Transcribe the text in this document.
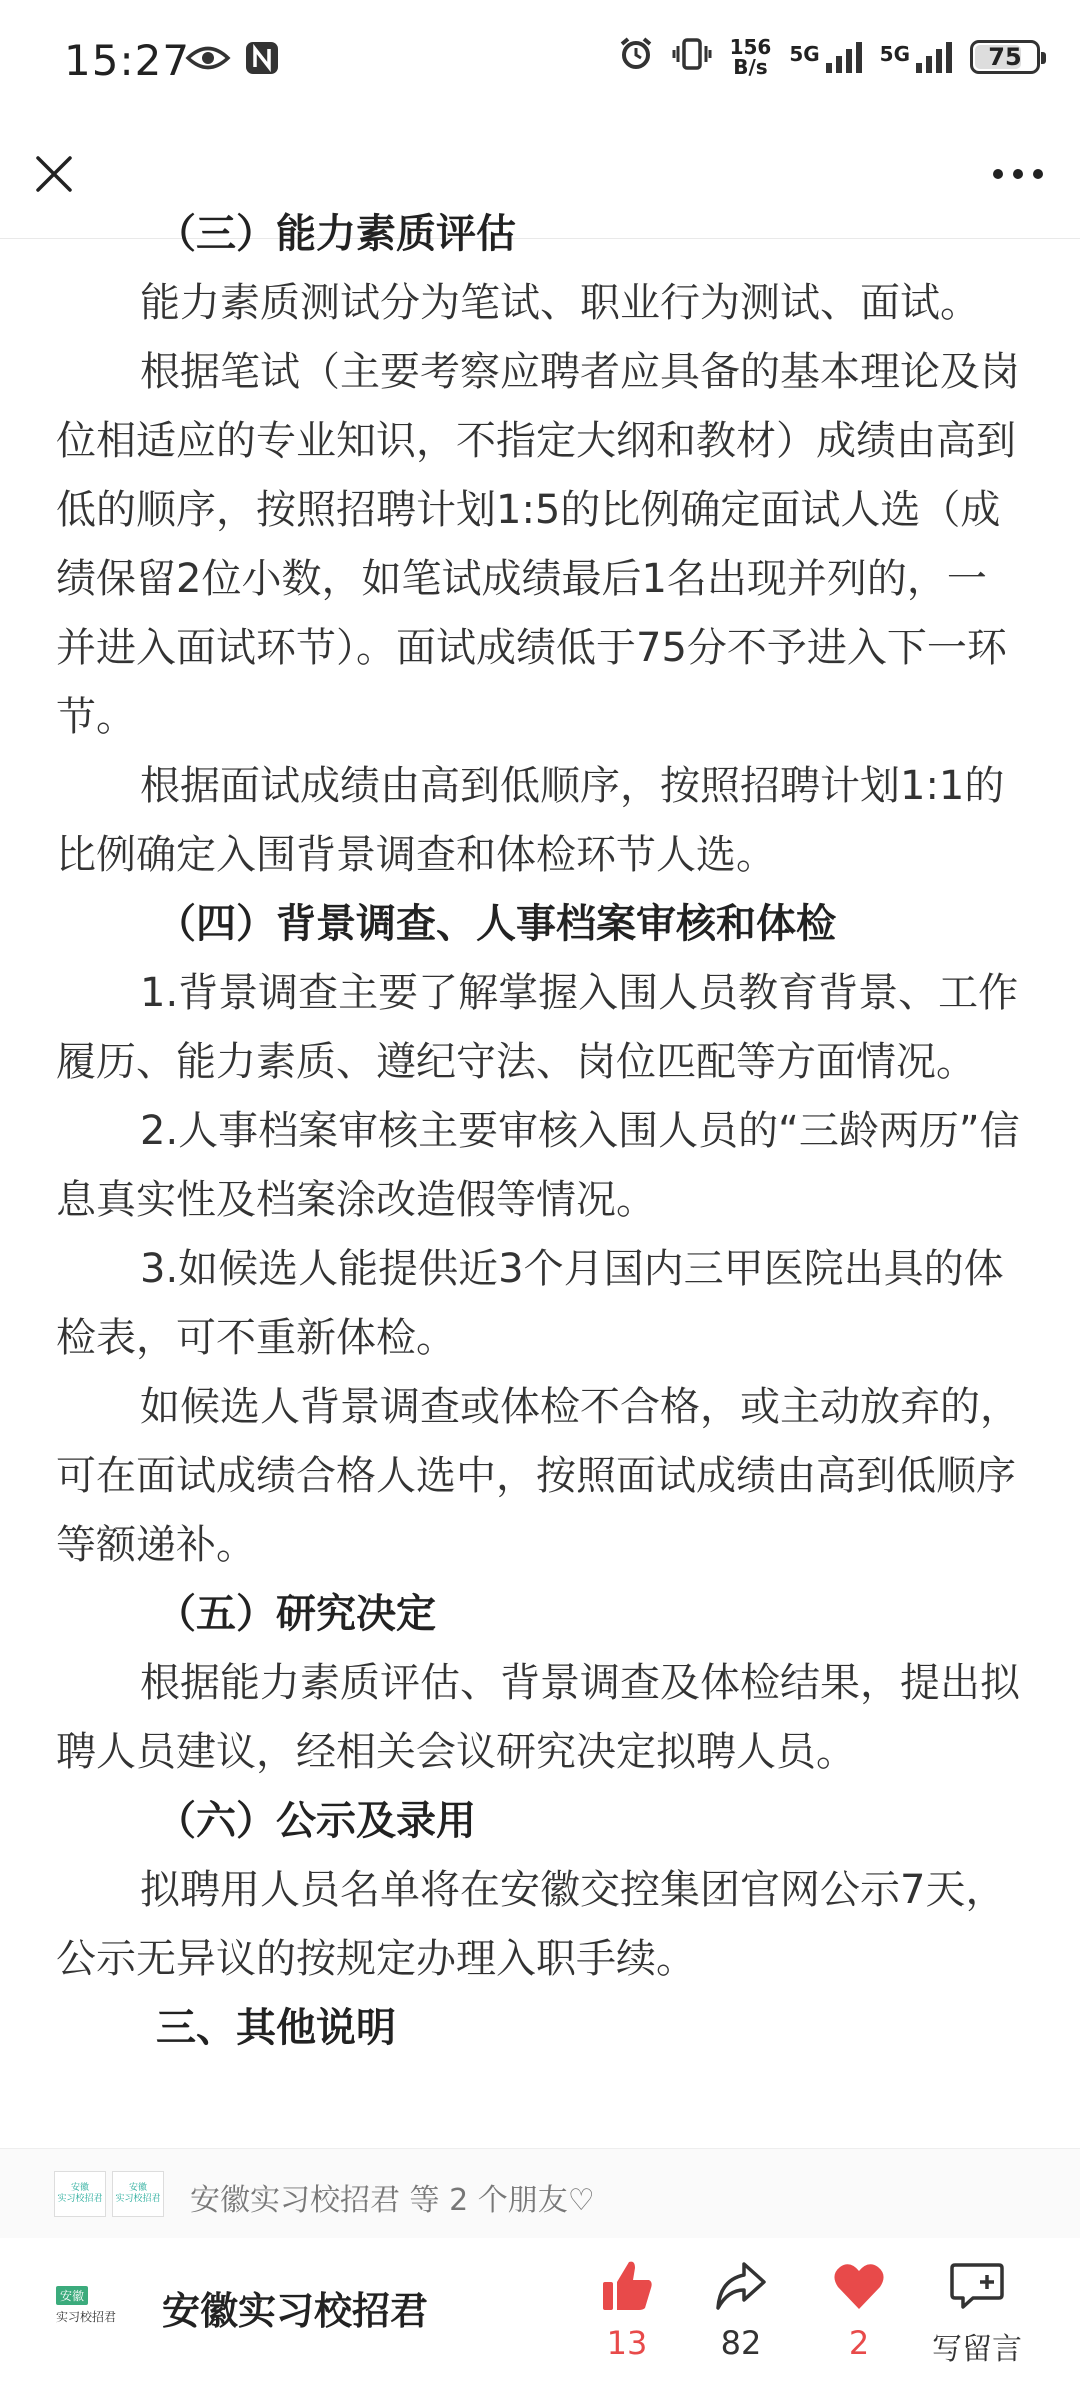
15:27	156
B/s
5G	5G	75

（三）能力素质评估

能力素质测试分为笔试、职业行为测试、面试。

根据笔试（主要考察应聘者应具备的基本理论及岗位相适应的专业知识，不指定大纲和教材）成绩由高到低的顺序，按照招聘计划1:5的比例确定面试人选（成绩保留2位小数，如笔试成绩最后1名出现并列的，一并进入面试环节）。面试成绩低于75分不予进入下一环节。

根据面试成绩由高到低顺序，按照招聘计划1:1的比例确定入围背景调查和体检环节人选。

（四）背景调查、人事档案审核和体检

1.背景调查主要了解掌握入围人员教育背景、工作履历、能力素质、遵纪守法、岗位匹配等方面情况。

2.人事档案审核主要审核入围人员的“三龄两历”信息真实性及档案涂改造假等情况。

3.如候选人能提供近3个月国内三甲医院出具的体检表，可不重新体检。

如候选人背景调查或体检不合格，或主动放弃的，可在面试成绩合格人选中，按照面试成绩由高到低顺序等额递补。

（五）研究决定

根据能力素质评估、背景调查及体检结果，提出拟聘人员建议，经相关会议研究决定拟聘人员。

（六）公示及录用

拟聘用人员名单将在安徽交控集团官网公示7天，公示无异议的按规定办理入职手续。

三、其他说明

安徽
实习校招君
安徽
实习校招君 安徽实习校招君 等 2 个朋友♡
安徽
实习校招君 安徽实习校招君
13	82	2	写留言
